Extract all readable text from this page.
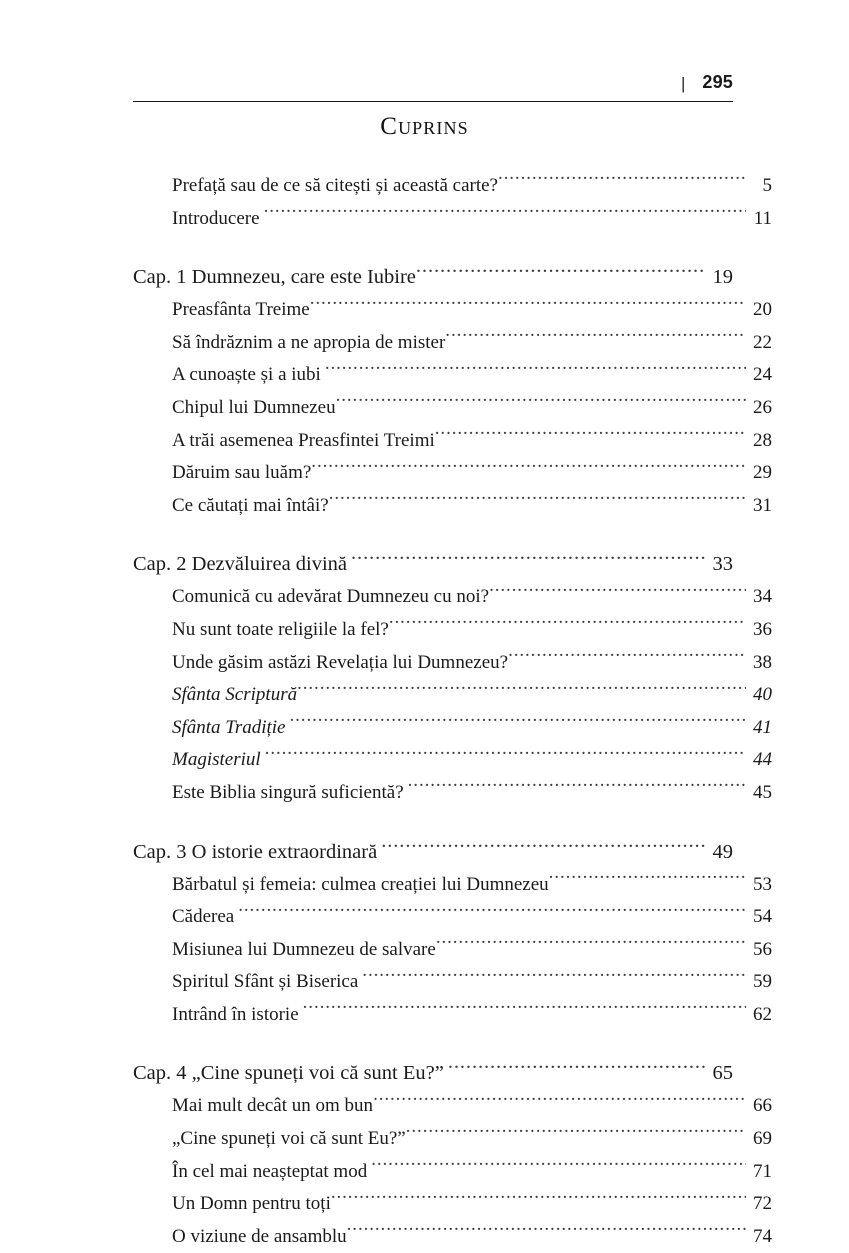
| 295
Cuprins
Prefață sau de ce să citești și această carte? .....	5
Introducere .....	11
Cap. 1 Dumnezeu, care este Iubire .....	19
Preasfânta Treime .....	20
Să îndrăznim a ne apropia de mister .....	22
A cunoaște și a iubi .....	24
Chipul lui Dumnezeu .....	26
A trăi asemenea Preasfintei Treimi .....	28
Dăruim sau luăm? .....	29
Ce căutați mai întâi? .....	31
Cap. 2 Dezvăluirea divină .....	33
Comunică cu adevărat Dumnezeu cu noi? .....	34
Nu sunt toate religiile la fel? .....	36
Unde găsim astăzi Revelația lui Dumnezeu? .....	38
Sfânta Scriptură .....	40
Sfânta Tradiție .....	41
Magisteriul .....	44
Este Biblia singură suficientă? .....	45
Cap. 3 O istorie extraordinară .....	49
Bărbatul și femeia: culmea creației lui Dumnezeu .....	53
Căderea .....	54
Misiunea lui Dumnezeu de salvare .....	56
Spiritul Sfânt și Biserica .....	59
Intrând în istorie .....	62
Cap. 4 „Cine spuneți voi că sunt Eu?” .....	65
Mai mult decât un om bun .....	66
„Cine spuneți voi că sunt Eu?” .....	69
În cel mai neașteptat mod .....	71
Un Domn pentru toți .....	72
O viziune de ansamblu .....	74
